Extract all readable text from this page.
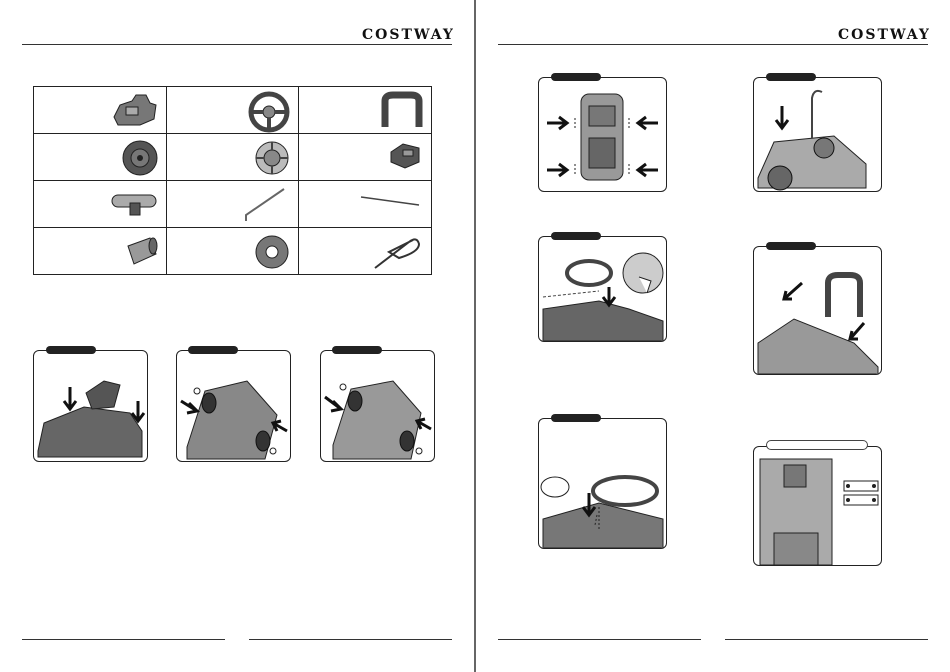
COSTWAY

		COSTWAY
